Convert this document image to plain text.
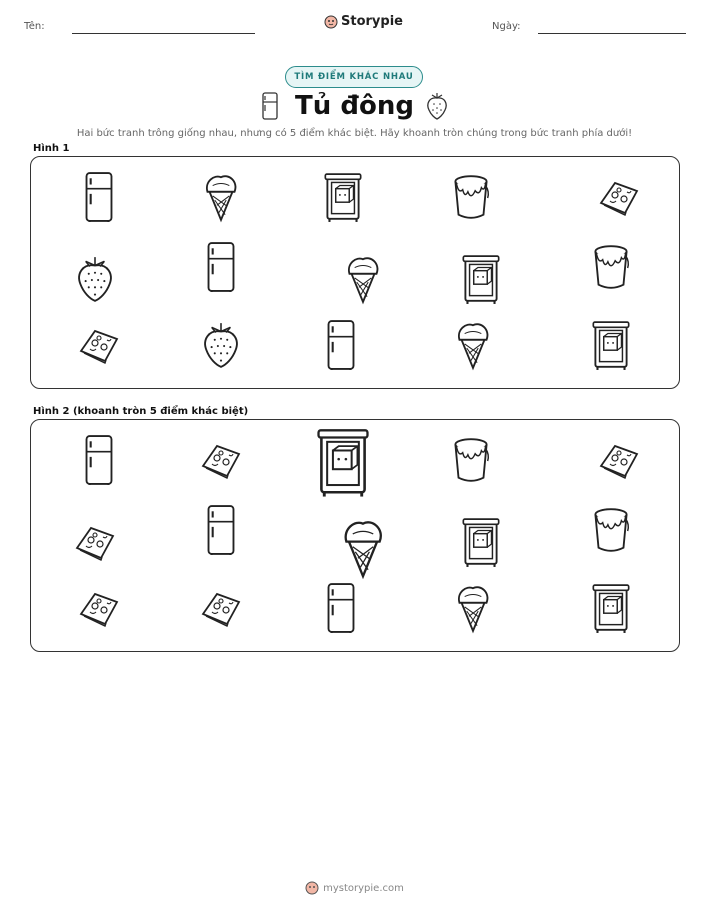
Tên:	Storypie	Ngày:
TÌM ĐIỂM KHÁC NHAU
Tủ đông
Hai bức tranh trông giống nhau, nhưng có 5 điểm khác biệt. Hãy khoanh tròn chúng trong bức tranh phía dưới!
Hình 1
Hình 2 (khoanh tròn 5 điểm khác biệt)
mystorypie.com
